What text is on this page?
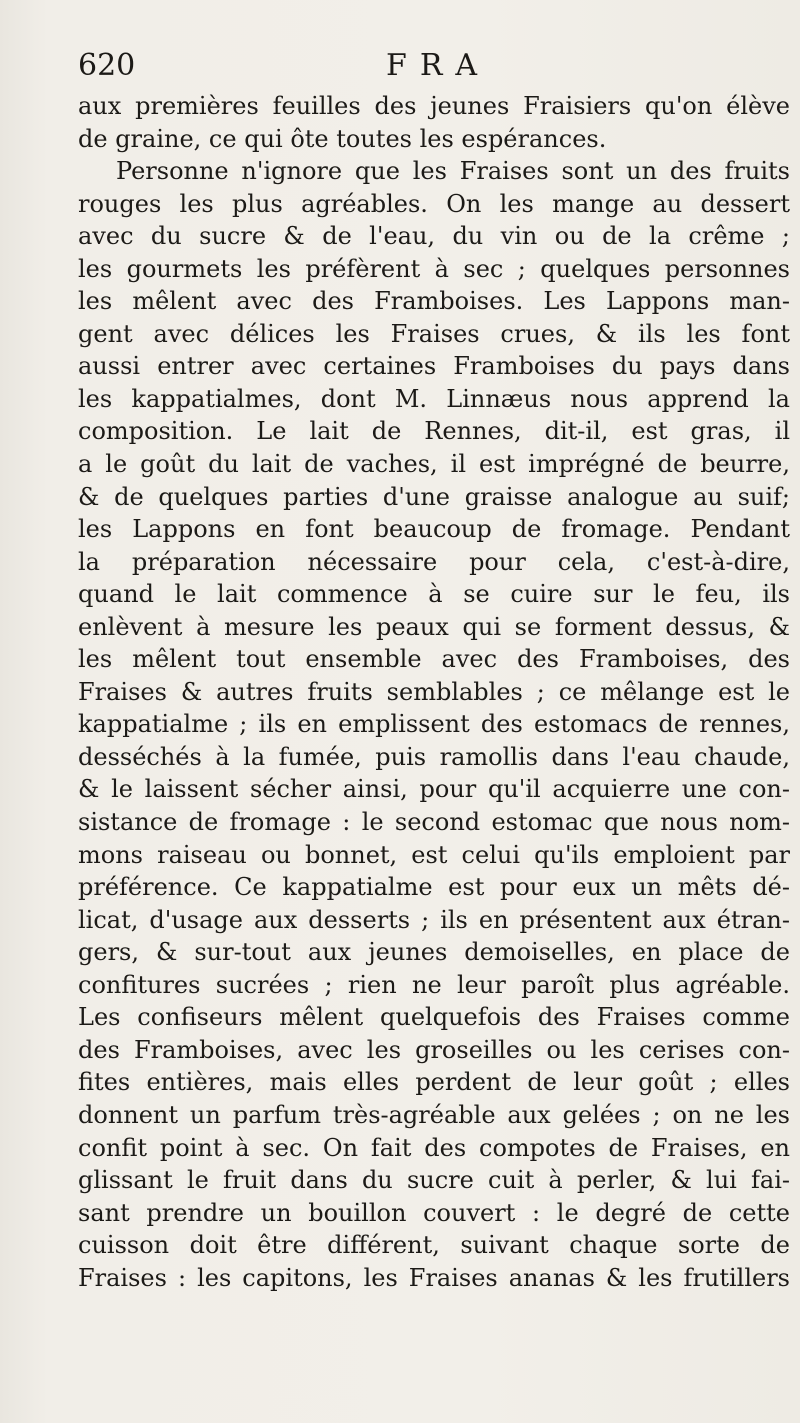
620	FRA
aux premières feuilles des jeunes Fraisiers qu'on élève
de graine, ce qui ôte toutes les espérances.
Personne n'ignore que les Fraises sont un des fruits
rouges les plus agréables. On les mange au dessert
avec du sucre & de l'eau, du vin ou de la crême ;
les gourmets les préfèrent à sec ; quelques personnes
les mêlent avec des Framboises. Les Lappons man-
gent avec délices les Fraises crues, & ils les font
aussi entrer avec certaines Framboises du pays dans
les kappatialmes, dont M. Linnæus nous apprend la
composition. Le lait de Rennes, dit-il, est gras, il
a le goût du lait de vaches, il est imprégné de beurre,
& de quelques parties d'une graisse analogue au suif;
les Lappons en font beaucoup de fromage. Pendant
la préparation nécessaire pour cela, c'est-à-dire,
quand le lait commence à se cuire sur le feu, ils
enlèvent à mesure les peaux qui se forment dessus, &
les mêlent tout ensemble avec des Framboises, des
Fraises & autres fruits semblables ; ce mêlange est le
kappatialme ; ils en emplissent des estomacs de rennes,
desséchés à la fumée, puis ramollis dans l'eau chaude,
& le laissent sécher ainsi, pour qu'il acquierre une con-
sistance de fromage : le second estomac que nous nom-
mons raiseau ou bonnet, est celui qu'ils emploient par
préférence. Ce kappatialme est pour eux un mêts dé-
licat, d'usage aux desserts ; ils en présentent aux étran-
gers, & sur-tout aux jeunes demoiselles, en place de
confitures sucrées ; rien ne leur paroît plus agréable.
Les confiseurs mêlent quelquefois des Fraises comme
des Framboises, avec les groseilles ou les cerises con-
fites entières, mais elles perdent de leur goût ; elles
donnent un parfum très-agréable aux gelées ; on ne les
confit point à sec. On fait des compotes de Fraises, en
glissant le fruit dans du sucre cuit à perler, & lui fai-
sant prendre un bouillon couvert : le degré de cette
cuisson doit être différent, suivant chaque sorte de
Fraises : les capitons, les Fraises ananas & les frutillers
